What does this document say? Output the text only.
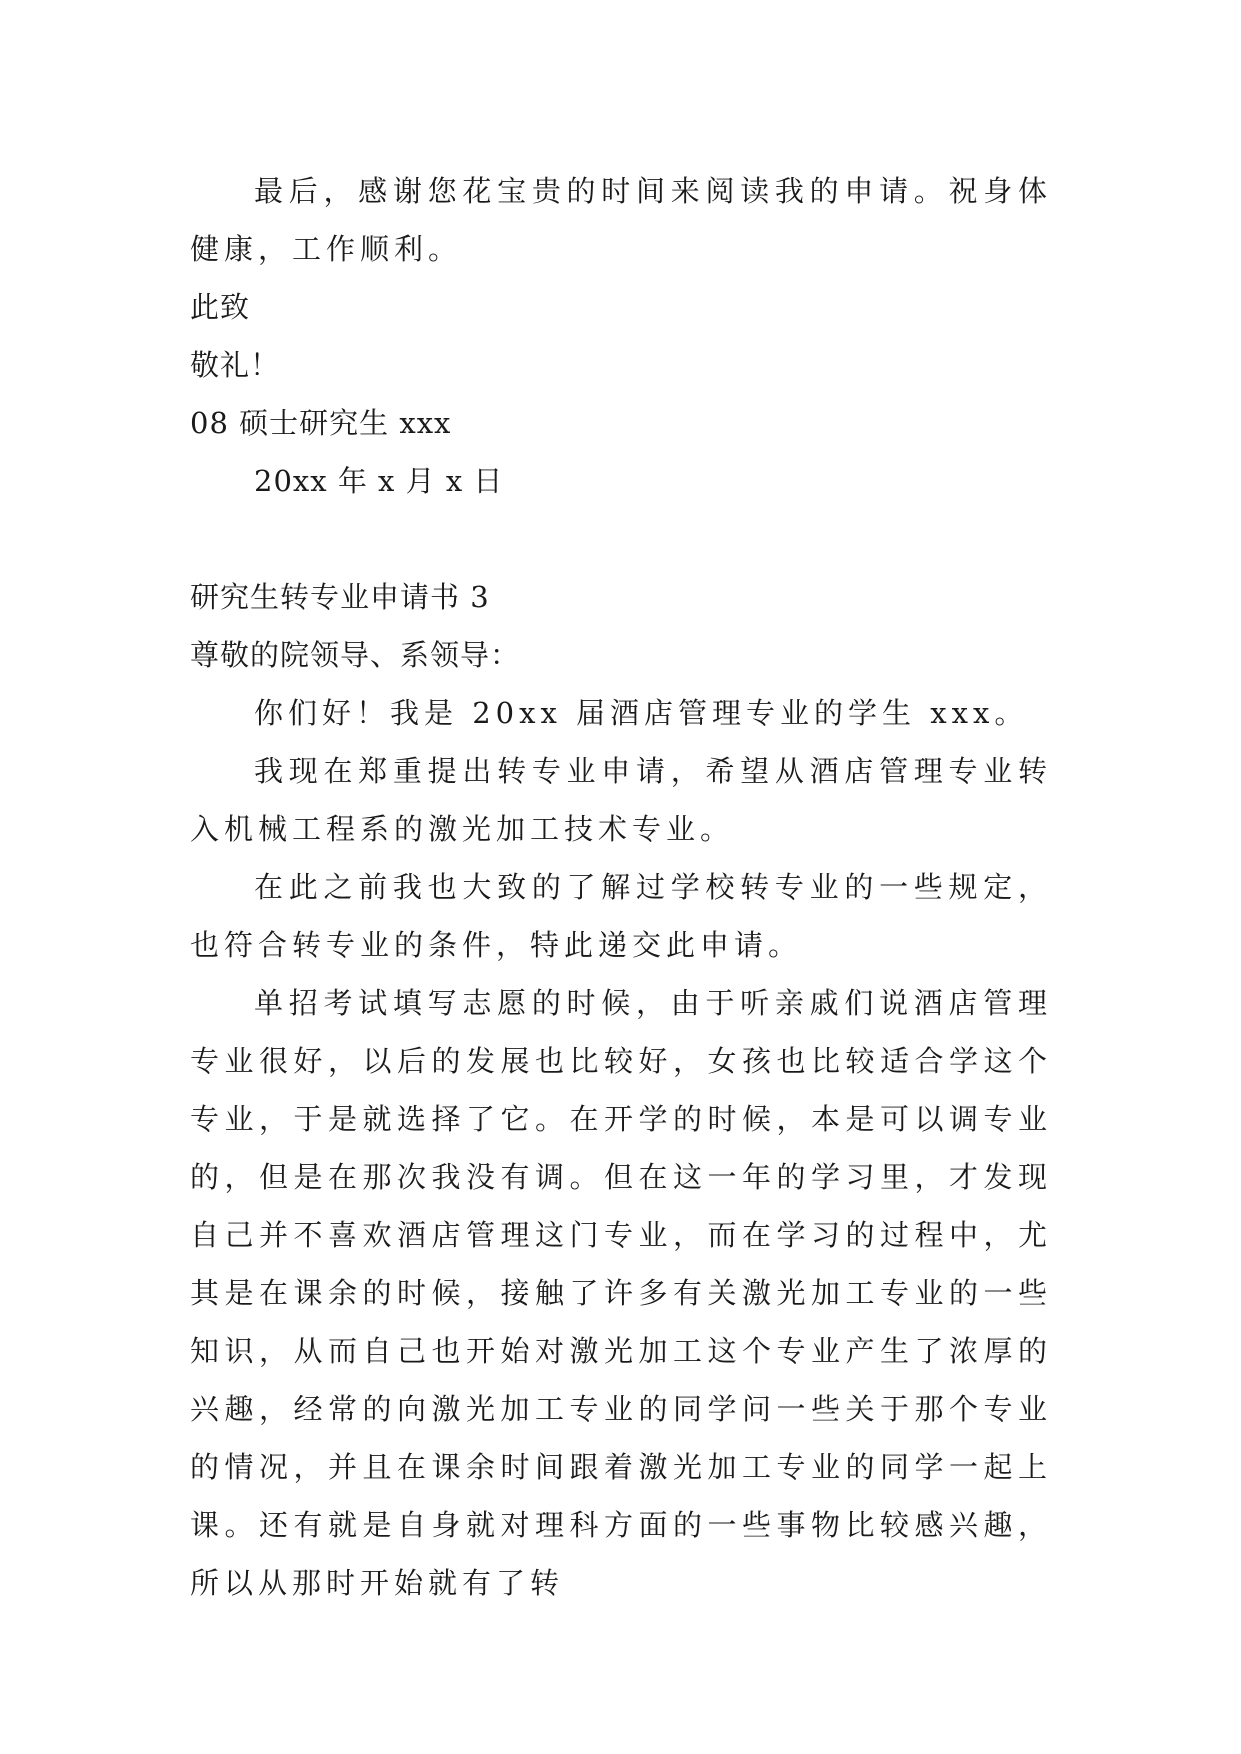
最后，感谢您花宝贵的时间来阅读我的申请。祝身体健康，工作顺利。

此致
敬礼！
08 硕士研究生 xxx
20xx 年 x 月 x 日
研究生转专业申请书 3
尊敬的院领导、系领导：

你们好！我是 20xx 届酒店管理专业的学生 xxx。

我现在郑重提出转专业申请，希望从酒店管理专业转入机械工程系的激光加工技术专业。

在此之前我也大致的了解过学校转专业的一些规定，也符合转专业的条件，特此递交此申请。

单招考试填写志愿的时候，由于听亲戚们说酒店管理专业很好，以后的发展也比较好，女孩也比较适合学这个专业，于是就选择了它。在开学的时候，本是可以调专业的，但是在那次我没有调。但在这一年的学习里，才发现自己并不喜欢酒店管理这门专业，而在学习的过程中，尤其是在课余的时候，接触了许多有关激光加工专业的一些知识，从而自己也开始对激光加工这个专业产生了浓厚的兴趣，经常的向激光加工专业的同学问一些关于那个专业的情况，并且在课余时间跟着激光加工专业的同学一起上课。还有就是自身就对理科方面的一些事物比较感兴趣，所以从那时开始就有了转
